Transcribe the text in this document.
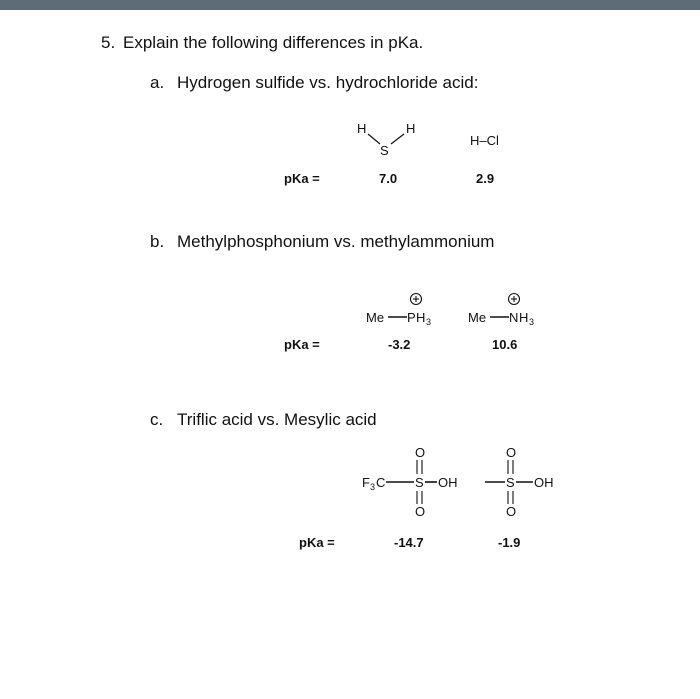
5. Explain the following differences in pKa.
a. Hydrogen sulfide vs. hydrochloride acid:
H
S
H
H–Cl
pKa =	7.0	2.9
b. Methylphosphonium vs. methylammonium
Me P H 3	Me N H 3
pKa =	-3.2	10.6
c. Triflic acid vs. Mesylic acid
O
F 3 C S OH
O
O
S OH
O
pKa =	-14.7	-1.9
